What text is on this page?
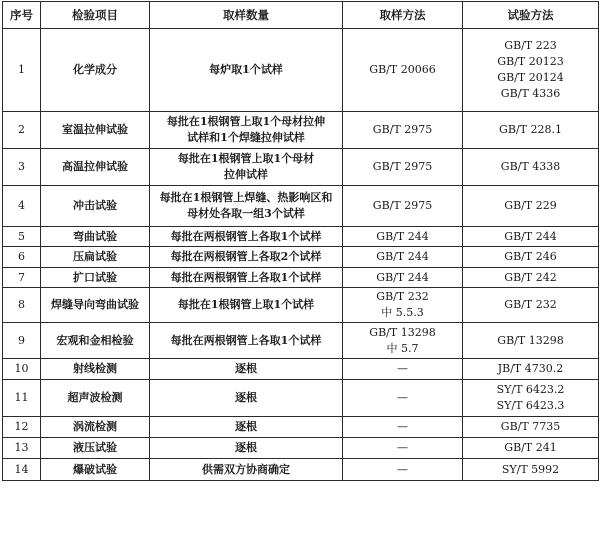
序号	检验项目	取样数量	取样方法	试验方法
1	化学成分	每炉取1个试样	GB/T 20066	GB/T 223
GB/T 20123
GB/T 20124
GB/T 4336

2	室温拉伸试验	每批在1根钢管上取1个母材拉伸
试样和1个焊缝拉伸试样	GB/T 2975	GB/T 228.1

3	高温拉伸试验	每批在1根钢管上取1个母材
拉伸试样	GB/T 2975	GB/T 4338

4	冲击试验	每批在1根钢管上焊缝、热影响区和
母材处各取一组3个试样	GB/T 2975	GB/T 229

5	弯曲试验	每批在两根钢管上各取1个试样	GB/T 244	GB/T 244

6	压扁试验	每批在两根钢管上各取2个试样	GB/T 244	GB/T 246

7	扩口试验	每批在两根钢管上各取1个试样	GB/T 244	GB/T 242

8	焊缝导向弯曲试验	每批在1根钢管上取1个试样	GB/T 232
中 5.5.3	GB/T 232

9	宏观和金相检验	每批在两根钢管上各取1个试样	GB/T 13298
中 5.7	GB/T 13298

10	射线检测	逐根	—	JB/T 4730.2

11	超声波检测	逐根	—	SY/T 6423.2
SY/T 6423.3

12	涡流检测	逐根	—	GB/T 7735

13	液压试验	逐根	—	GB/T 241

14	爆破试验	供需双方协商确定	—	SY/T 5992
